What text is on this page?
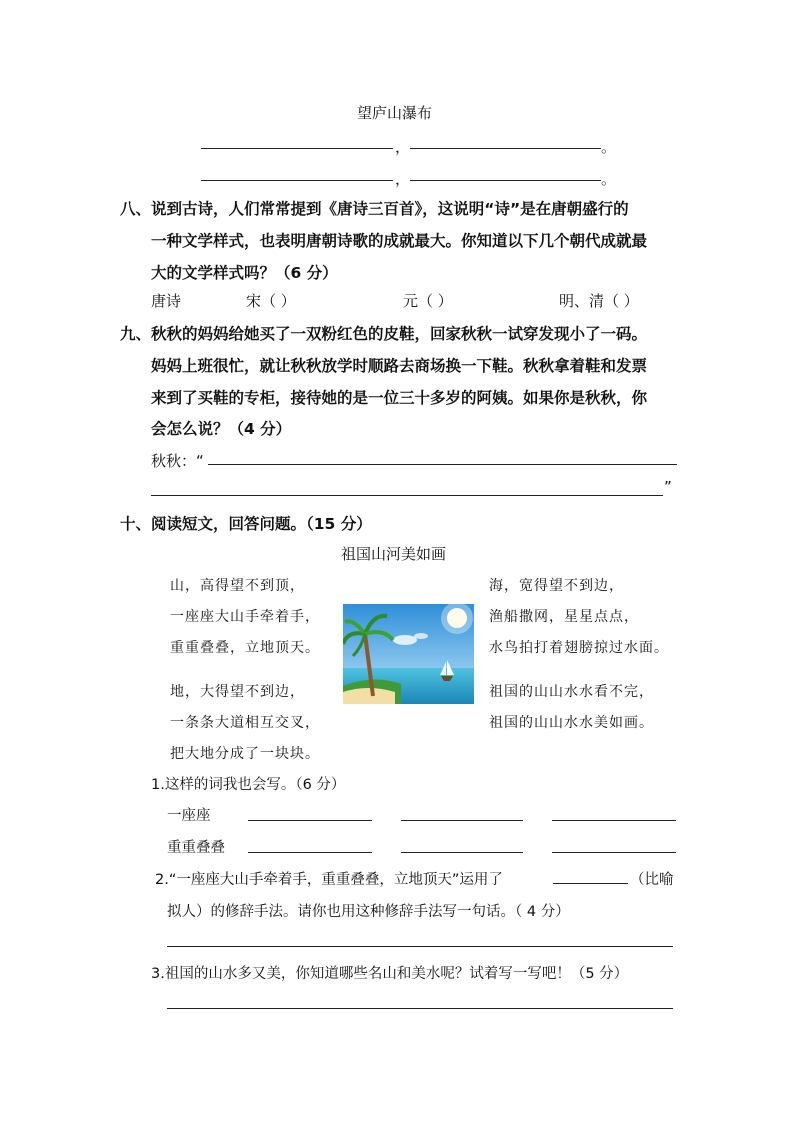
望庐山瀑布
，	。
，	。
八、说到古诗，人们常常提到《唐诗三百首》，这说明“诗”是在唐朝盛行的
一种文学样式，也表明唐朝诗歌的成就最大。你知道以下几个朝代成就最
大的文学样式吗？（6 分）
唐诗	宋（ ）	元（ ）	明、清（ ）
九、秋秋的妈妈给她买了一双粉红色的皮鞋，回家秋秋一试穿发现小了一码。
妈妈上班很忙，就让秋秋放学时顺路去商场换一下鞋。秋秋拿着鞋和发票
来到了买鞋的专柜，接待她的是一位三十多岁的阿姨。如果你是秋秋，你
会怎么说？（4 分）
秋秋：“
”
十、阅读短文，回答问题。（15 分）
祖国山河美如画
山，高得望不到顶，
一座座大山手牵着手，
重重叠叠，立地顶天。
地，大得望不到边，
一条条大道相互交叉，
把大地分成了一块块。
海，宽得望不到边，
渔船撒网，星星点点，
水鸟拍打着翅膀掠过水面。
祖国的山山水水看不完，
祖国的山山水水美如画。
1.这样的词我也会写。（6 分）
一座座
重重叠叠
2.“一座座大山手牵着手，重重叠叠，立地顶天”运用了	（比喻
拟人）的修辞手法。请你也用这种修辞手法写一句话。（ 4 分）
3.祖国的山水多又美，你知道哪些名山和美水呢？试着写一写吧！（5 分）
